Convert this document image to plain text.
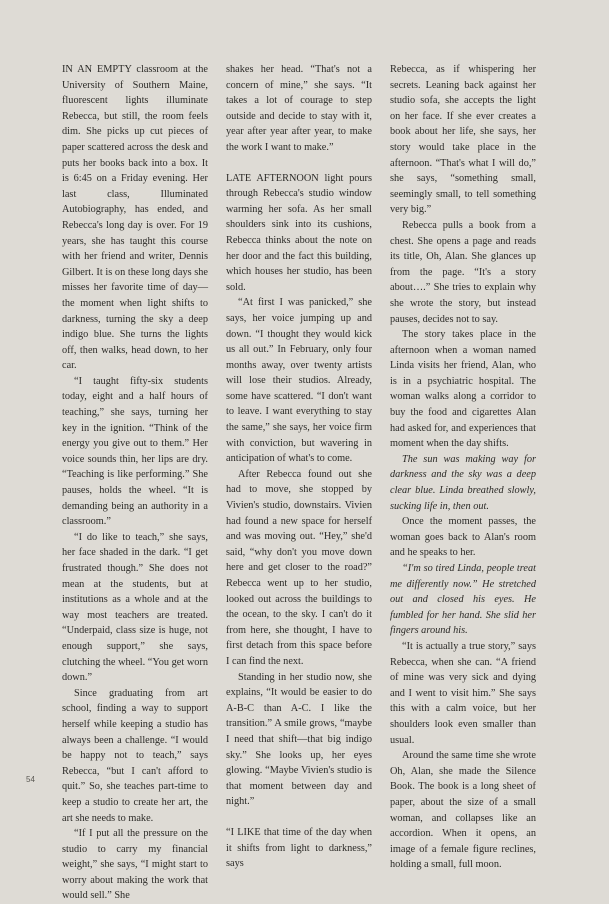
IN AN EMPTY classroom at the University of Southern Maine, fluorescent lights illuminate Rebecca, but still, the room feels dim. She picks up cut pieces of paper scattered across the desk and puts her books back into a box. It is 6:45 on a Friday evening. Her last class, Illuminated Autobiography, has ended, and Rebecca's long day is over. For 19 years, she has taught this course with her friend and writer, Dennis Gilbert. It is on these long days she misses her favorite time of day—the moment when light shifts to darkness, turning the sky a deep indigo blue. She turns the lights off, then walks, head down, to her car.

“I taught fifty-six students today, eight and a half hours of teaching,” she says, turning her key in the ignition. “Think of the energy you give out to them.” Her voice sounds thin, her lips are dry. “Teaching is like performing.” She pauses, holds the wheel. “It is demanding being an authority in a classroom.”

“I do like to teach,” she says, her face shaded in the dark. “I get frustrated though.” She does not mean at the students, but at institutions as a whole and at the way most teachers are treated. “Underpaid, class size is huge, not enough support,” she says, clutching the wheel. “You get worn down.”

Since graduating from art school, finding a way to support herself while keeping a studio has always been a challenge. “I would be happy not to teach,” says Rebecca, “but I can't afford to quit.” So, she teaches part-time to keep a studio to create her art, the art she needs to make.

“If I put all the pressure on the studio to carry my financial weight,” she says, “I might start to worry about making the work that would sell.” She

shakes her head. “That's not a concern of mine,” she says. “It takes a lot of courage to step outside and decide to stay with it, year after year after year, to make the work I want to make.”

LATE AFTERNOON light pours through Rebecca's studio window warming her sofa. As her small shoulders sink into its cushions, Rebecca thinks about the note on her door and the fact this building, which houses her studio, has been sold.

“At first I was panicked,” she says, her voice jumping up and down. “I thought they would kick us all out.” In February, only four months away, over twenty artists will lose their studios. Already, some have scattered. “I don't want to leave. I want everything to stay the same,” she says, her voice firm with conviction, but wavering in anticipation of what's to come.

After Rebecca found out she had to move, she stopped by Vivien's studio, downstairs. Vivien had found a new space for herself and was moving out. “Hey,” she'd said, “why don't you move down here and get closer to the road?” Rebecca went up to her studio, looked out across the buildings to the ocean, to the sky. I can't do it from here, she thought, I have to first detach from this space before I can find the next.

Standing in her studio now, she explains, “It would be easier to do A-B-C than A-C. I like the transition.” A smile grows, “maybe I need that shift—that big indigo sky.” She looks up, her eyes glowing. “Maybe Vivien's studio is that moment between day and night.”

“I LIKE that time of the day when it shifts from light to darkness,” says

Rebecca, as if whispering her secrets. Leaning back against her studio sofa, she accepts the light on her face. If she ever creates a book about her life, she says, her story would take place in the afternoon. “That's what I will do,” she says, “something small, seemingly small, to tell something very big.”

Rebecca pulls a book from a chest. She opens a page and reads its title, Oh, Alan. She glances up from the page. “It's a story about….” She tries to explain why she wrote the story, but instead pauses, decides not to say.

The story takes place in the afternoon when a woman named Linda visits her friend, Alan, who is in a psychiatric hospital. The woman walks along a corridor to buy the food and cigarettes Alan had asked for, and experiences that moment when the day shifts.

The sun was making way for darkness and the sky was a deep clear blue. Linda breathed slowly, sucking life in, then out.

Once the moment passes, the woman goes back to Alan's room and he speaks to her.

“I'm so tired Linda, people treat me differently now.” He stretched out and closed his eyes. He fumbled for her hand. She slid her fingers around his.

“It is actually a true story,” says Rebecca, when she can. “A friend of mine was very sick and dying and I went to visit him.” She says this with a calm voice, but her shoulders look even smaller than usual.

Around the same time she wrote Oh, Alan, she made the Silence Book. The book is a long sheet of paper, about the size of a small woman, and collapses like an accordion. When it opens, an image of a female figure reclines, holding a small, full moon.

54
